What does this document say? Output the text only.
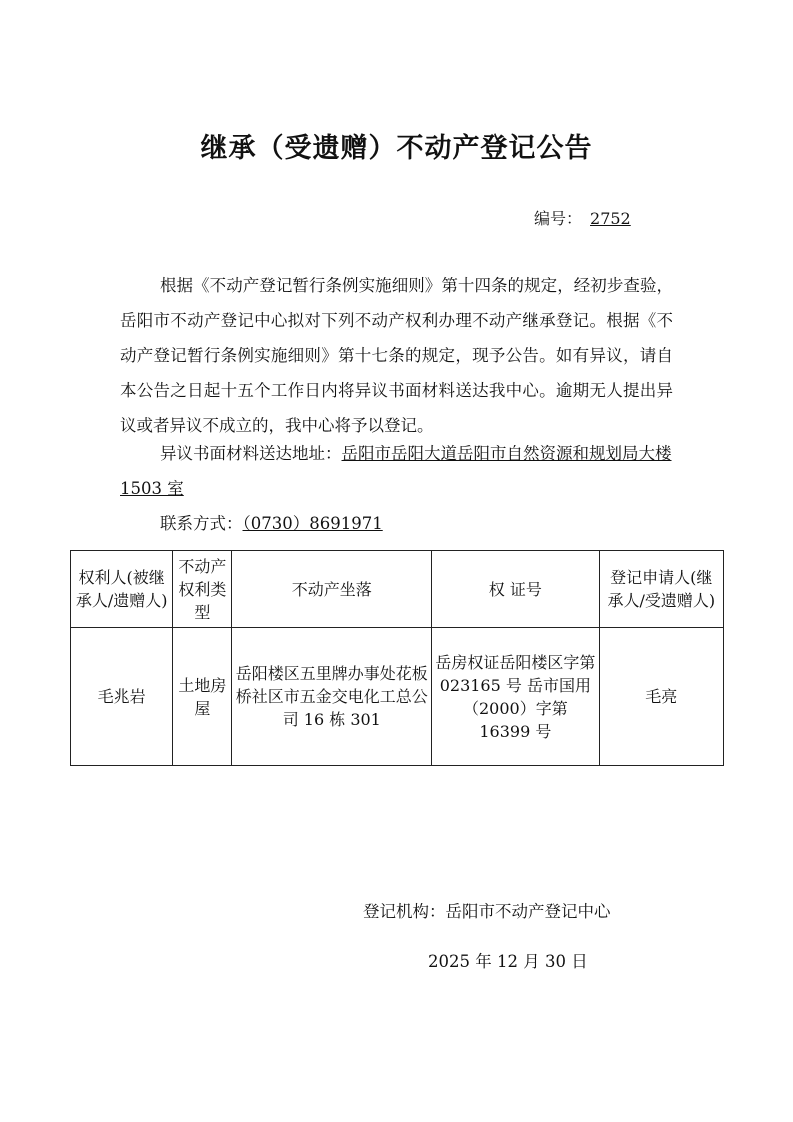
继承（受遗赠）不动产登记公告
编号： 2752
根据《不动产登记暂行条例实施细则》第十四条的规定，经初步查验，岳阳市不动产登记中心拟对下列不动产权利办理不动产继承登记。根据《不动产登记暂行条例实施细则》第十七条的规定，现予公告。如有异议，请自本公告之日起十五个工作日内将异议书面材料送达我中心。逾期无人提出异议或者异议不成立的，我中心将予以登记。
异议书面材料送达地址：岳阳市岳阳大道岳阳市自然资源和规划局大楼 1503 室
联系方式：（0730）8691971
权利人(被继承人/遗赠人)	不动产权利类型	不动产坐落	权 证号	登记申请人(继承人/受遗赠人)
毛兆岩	土地房屋	岳阳楼区五里牌办事处花板桥社区市五金交电化工总公司 16 栋 301	岳房权证岳阳楼区字第 023165 号 岳市国用（2000）字第 16399 号	毛亮
登记机构：岳阳市不动产登记中心
2025 年 12 月 30 日
